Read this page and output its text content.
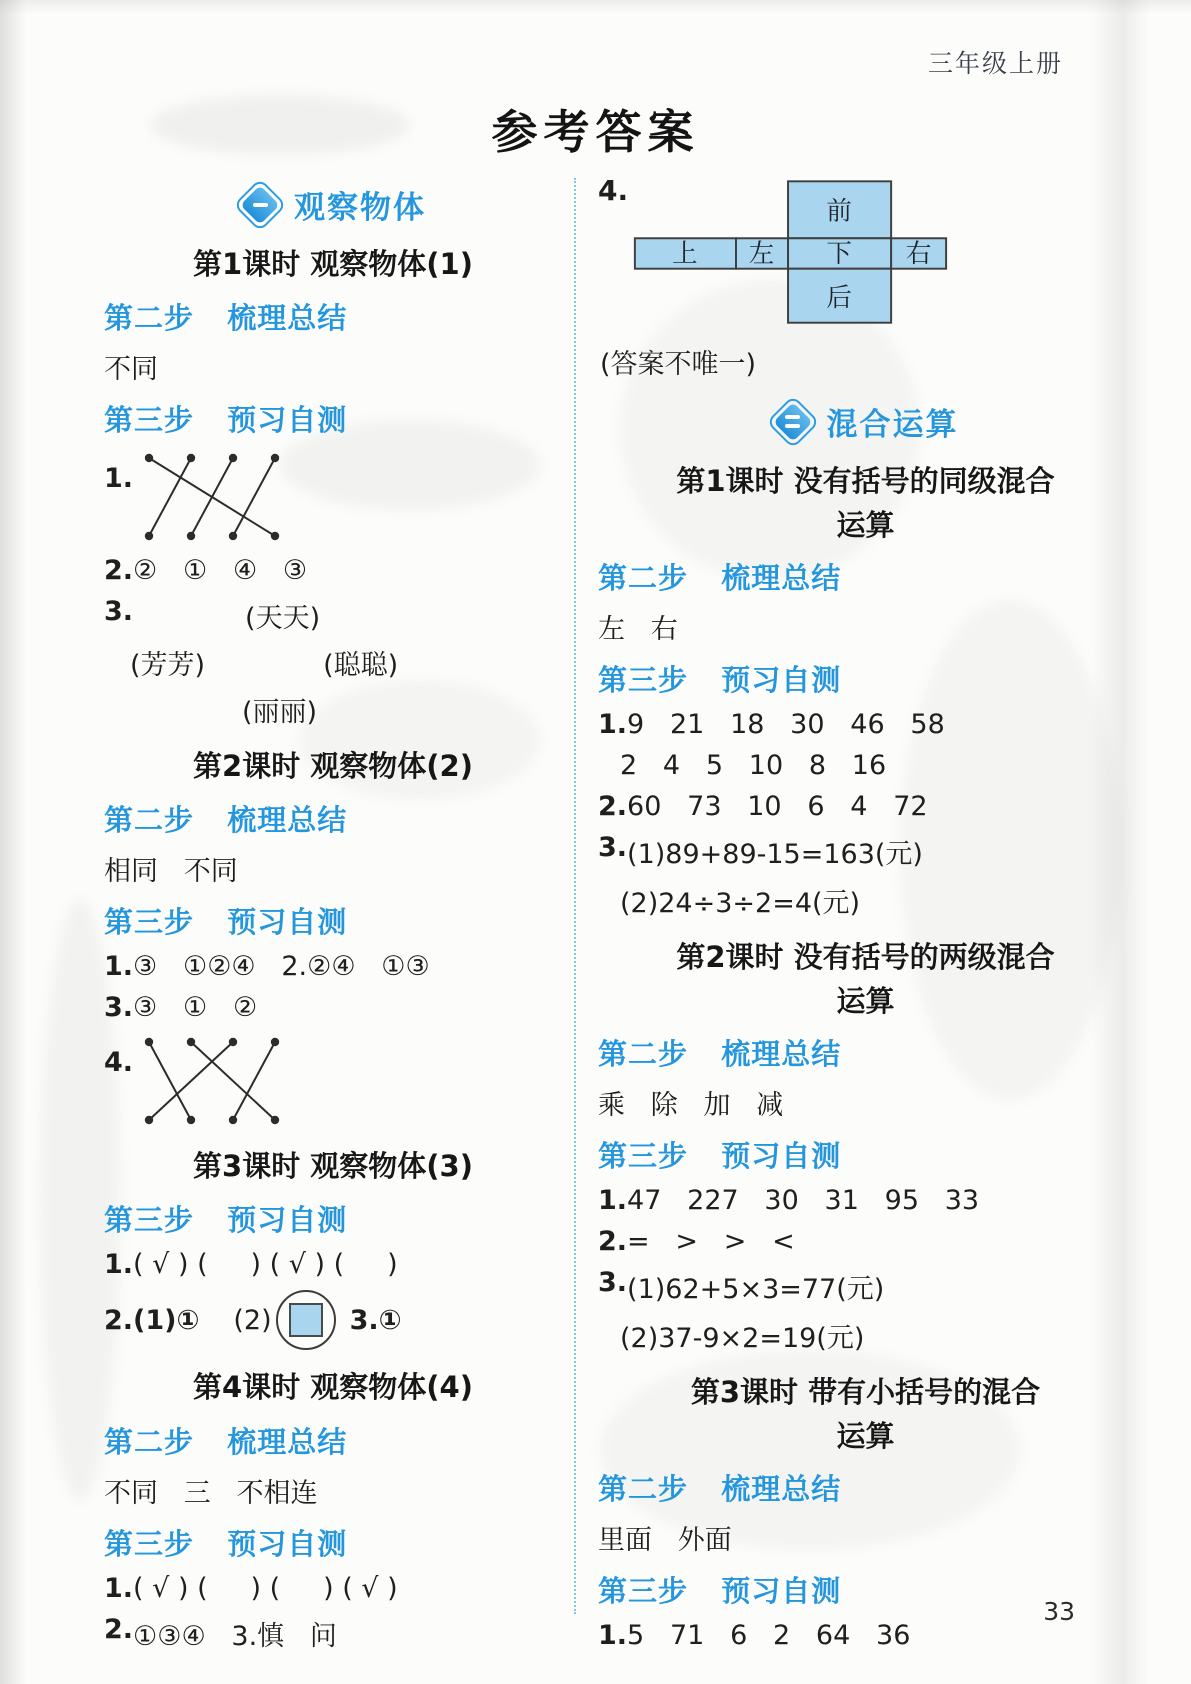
三年级上册
参考答案
观察物体
第1课时 观察物体(1)
第二步   梳理总结
不同
第三步   预习自测
1.
2. ②   ①   ④   ③
3.	(天天)
(芳芳)	(聪聪)
(丽丽)
第2课时 观察物体(2)
第二步   梳理总结
相同   不同
第三步   预习自测
1. ③   ①②④   2.②④   ①③
3. ③   ①   ②
4.
第3课时 观察物体(3)
第三步   预习自测
1. ( √ ) (     ) ( √ ) (     )
2.(1)①	(2)	3.①
第4课时 观察物体(4)
第二步   梳理总结
不同   三   不相连
第三步   预习自测
1. ( √ ) (     ) (     ) ( √ )
2. ①③④   3.慎   问
4.
上 左 下 右
前
后
(答案不唯一)
混合运算
第1课时 没有括号的同级混合
运算
第二步   梳理总结
左   右
第三步   预习自测
1. 9   21   18   30   46   58
2   4   5   10   8   16
2. 60   73   10   6   4   72
3. (1)89+89-15=163(元)
(2)24÷3÷2=4(元)
第2课时 没有括号的两级混合
运算
第二步   梳理总结
乘   除   加   减
第三步   预习自测
1. 47   227   30   31   95   33
2. =   >   >   <
3. (1)62+5×3=77(元)
(2)37-9×2=19(元)
第3课时 带有小括号的混合
运算
第二步   梳理总结
里面   外面
第三步   预习自测
1. 5   71   6   2   64   36
33
